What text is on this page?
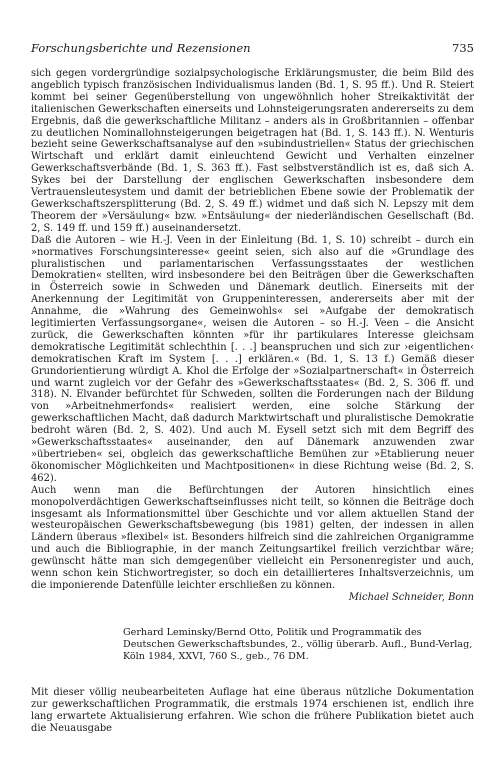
Forschungsberichte und Rezensionen	735

sich gegen vordergründige sozialpsychologische Erklärungsmuster, die beim Bild des angeblich typisch französischen Individualismus landen (Bd. 1, S. 95 ff.). Und R. Steiert kommt bei seiner Gegenüberstellung von ungewöhnlich hoher Streikaktivität der italienischen Gewerkschaften einerseits und Lohnsteigerungsraten andererseits zu dem Ergebnis, daß die gewerkschaftliche Militanz – anders als in Großbritannien – offenbar zu deutlichen Nominallohnsteigerungen beigetragen hat (Bd. 1, S. 143 ff.). N. Wenturis bezieht seine Gewerkschaftsanalyse auf den »subindustriellen« Status der griechischen Wirtschaft und erklärt damit einleuchtend Gewicht und Verhalten einzelner Gewerkschaftsverbände (Bd. 1, S. 363 ff.). Fast selbstverständlich ist es, daß sich A. Sykes bei der Darstellung der englischen Gewerkschaften insbesondere dem Vertrauensleutesystem und damit der betrieblichen Ebene sowie der Problematik der Gewerkschaftszersplitterung (Bd. 2, S. 49 ff.) widmet und daß sich N. Lepszy mit dem Theorem der »Versäulung« bzw. »Entsäulung« der niederländischen Gesellschaft (Bd. 2, S. 149 ff. und 159 ff.) auseinandersetzt.

Daß die Autoren – wie H.-J. Veen in der Einleitung (Bd. 1, S. 10) schreibt – durch ein »normatives Forschungsinteresse« geeint seien, sich also auf die »Grundlage des pluralistischen und parlamentarischen Verfassungsstaates der westlichen Demokratien« stellten, wird insbesondere bei den Beiträgen über die Gewerkschaften in Österreich sowie in Schweden und Dänemark deutlich. Einerseits mit der Anerkennung der Legitimität von Gruppeninteressen, andererseits aber mit der Annahme, die »Wahrung des Gemeinwohls« sei »Aufgabe der demokratisch legitimierten Verfassungsorgane«, weisen die Autoren – so H.-J. Veen – die Ansicht zurück, die Gewerkschaften könnten »für ihr partikulares Interesse gleichsam demokratische Legitimität schlechthin [. . .] beanspruchen und sich zur ›eigentlichen‹ demokratischen Kraft im System [. . .] erklären.« (Bd. 1, S. 13 f.) Gemäß dieser Grundorientierung würdigt A. Khol die Erfolge der »Sozialpartnerschaft« in Österreich und warnt zugleich vor der Gefahr des »Gewerkschaftsstaates« (Bd. 2, S. 306 ff. und 318). N. Elvander befürchtet für Schweden, sollten die Forderungen nach der Bildung von »Arbeitnehmerfonds« realisiert werden, eine solche Stärkung der gewerkschaftlichen Macht, daß dadurch Marktwirtschaft und pluralistische Demokratie bedroht wären (Bd. 2, S. 402). Und auch M. Eysell setzt sich mit dem Begriff des »Gewerkschaftsstaates« auseinander, den auf Dänemark anzuwenden zwar »übertrieben« sei, obgleich das gewerkschaftliche Bemühen zur »Etablierung neuer ökonomischer Möglichkeiten und Machtpositionen« in diese Richtung weise (Bd. 2, S. 462).

Auch wenn man die Befürchtungen der Autoren hinsichtlich eines monopolverdächtigen Gewerkschaftseinflusses nicht teilt, so können die Beiträge doch insgesamt als Informationsmittel über Geschichte und vor allem aktuellen Stand der westeuropäischen Gewerkschaftsbewegung (bis 1981) gelten, der indessen in allen Ländern überaus »flexibel« ist. Besonders hilfreich sind die zahlreichen Organigramme und auch die Bibliographie, in der manch Zeitungsartikel freilich verzichtbar wäre; gewünscht hätte man sich demgegenüber vielleicht ein Personenregister und auch, wenn schon kein Stichwortregister, so doch ein detaillierteres Inhaltsverzeichnis, um die imponierende Datenfülle leichter erschließen zu können.

Michael Schneider, Bonn

Gerhard Leminsky/Bernd Otto, Politik und Programmatik des Deutschen Gewerkschaftsbundes, 2., völlig überarb. Aufl., Bund-Verlag, Köln 1984, XXVI, 760 S., geb., 76 DM.

Mit dieser völlig neubearbeiteten Auflage hat eine überaus nützliche Dokumentation zur gewerkschaftlichen Programmatik, die erstmals 1974 erschienen ist, endlich ihre lang erwartete Aktualisierung erfahren. Wie schon die frühere Publikation bietet auch die Neuausgabe
